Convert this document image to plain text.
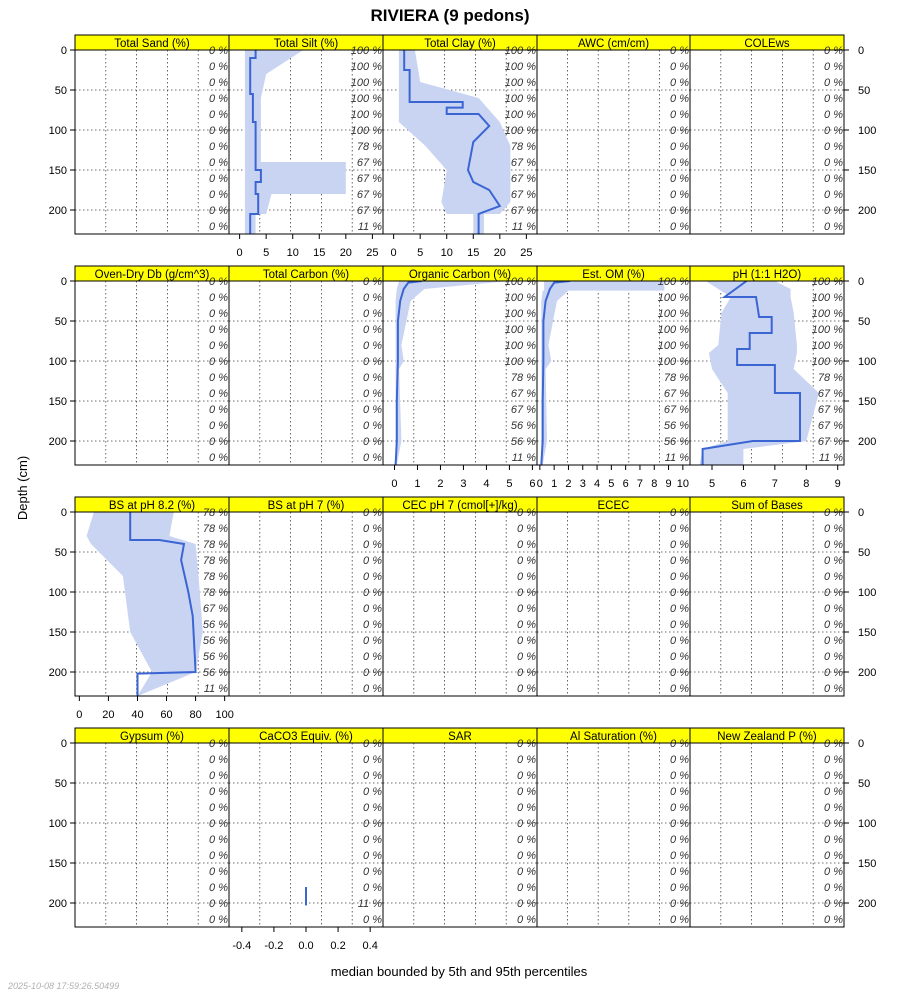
RIVIERA (9 pedons)
Depth (cm)
median bounded by 5th and 95th percentiles
2025-10-08 17:59:26.50499
Total Sand (%)
0 %
0 %
0 %
0 %
0 %
0 %
0 %
0 %
0 %
0 %
0 %
0 %
Total Silt (%)
100 %
100 %
100 %
100 %
100 %
100 %
78 %
67 %
67 %
67 %
67 %
11 %
Total Clay (%)
100 %
100 %
100 %
100 %
100 %
100 %
78 %
67 %
67 %
67 %
67 %
11 %
AWC (cm/cm)
0 %
0 %
0 %
0 %
0 %
0 %
0 %
0 %
0 %
0 %
0 %
0 %
COLEws
0 %
0 %
0 %
0 %
0 %
0 %
0 %
0 %
0 %
0 %
0 %
0 %
Oven-Dry Db (g/cm^3)
0 %
0 %
0 %
0 %
0 %
0 %
0 %
0 %
0 %
0 %
0 %
0 %
Total Carbon (%)
0 %
0 %
0 %
0 %
0 %
0 %
0 %
0 %
0 %
0 %
0 %
0 %
Organic Carbon (%)
100 %
100 %
100 %
100 %
100 %
100 %
78 %
67 %
67 %
56 %
56 %
11 %
Est. OM (%)
100 %
100 %
100 %
100 %
100 %
100 %
78 %
67 %
67 %
56 %
56 %
11 %
pH (1:1 H2O)
100 %
100 %
100 %
100 %
100 %
100 %
78 %
67 %
67 %
67 %
67 %
11 %
BS at pH 8.2 (%)
78 %
78 %
78 %
78 %
78 %
78 %
67 %
56 %
56 %
56 %
56 %
11 %
BS at pH 7 (%)
0 %
0 %
0 %
0 %
0 %
0 %
0 %
0 %
0 %
0 %
0 %
0 %
CEC pH 7 (cmol[+]/kg)
0 %
0 %
0 %
0 %
0 %
0 %
0 %
0 %
0 %
0 %
0 %
0 %
ECEC
0 %
0 %
0 %
0 %
0 %
0 %
0 %
0 %
0 %
0 %
0 %
0 %
Sum of Bases
0 %
0 %
0 %
0 %
0 %
0 %
0 %
0 %
0 %
0 %
0 %
0 %
Gypsum (%)
0 %
0 %
0 %
0 %
0 %
0 %
0 %
0 %
0 %
0 %
0 %
0 %
CaCO3 Equiv. (%)
0 %
0 %
0 %
0 %
0 %
0 %
0 %
0 %
0 %
0 %
11 %
0 %
SAR
0 %
0 %
0 %
0 %
0 %
0 %
0 %
0 %
0 %
0 %
0 %
0 %
Al Saturation (%)
0 %
0 %
0 %
0 %
0 %
0 %
0 %
0 %
0 %
0 %
0 %
0 %
New Zealand P (%)
0 %
0 %
0 %
0 %
0 %
0 %
0 %
0 %
0 %
0 %
0 %
0 %
0
50
100
150
200
0
50
100
150
200
0
50
100
150
200
0
50
100
150
200
0
50
100
150
200
0
50
100
150
200
0
50
100
150
200
0
50
100
150
200
0 5 10 15 20 25 0 5 10 15 20 25
0 1 2 3 4 5 6 0 1 2 3 4 5 6 7 8 9 10 5 6 7 8 9
0 20 40 60 80 100
-0.4 -0.2 0.0 0.2 0.4
